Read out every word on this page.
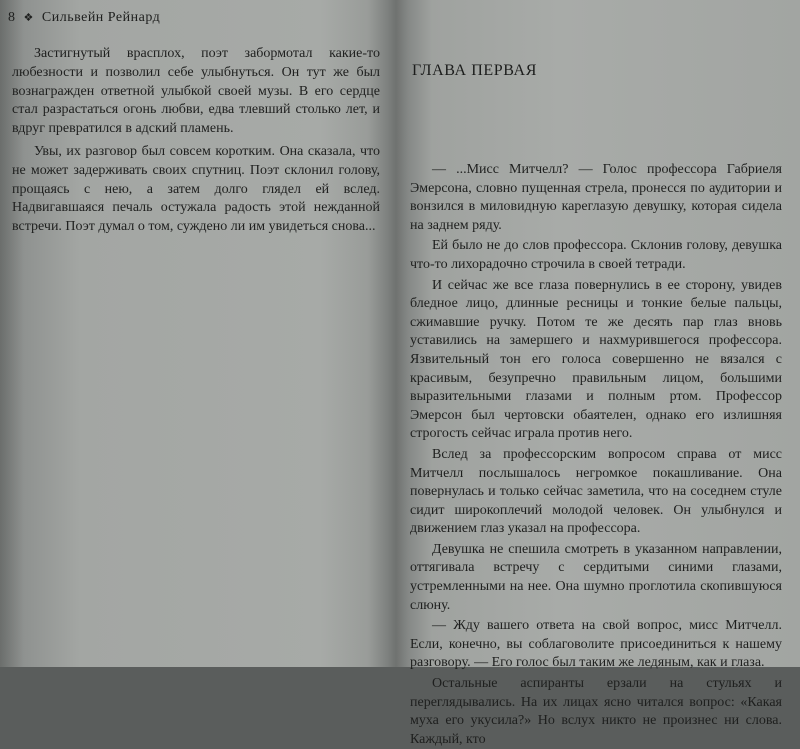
8 ❖ Сильвейн Рейнард

Застигнутый врасплох, поэт забормотал какие-то любезности и позволил себе улыбнуться. Он тут же был вознагражден ответной улыбкой своей музы. В его сердце стал разрастаться огонь любви, едва тлевший столько лет, и вдруг превратился в адский пламень.

Увы, их разговор был совсем коротким. Она сказала, что не может задерживать своих спутниц. Поэт склонил голову, прощаясь с нею, а затем долго глядел ей вслед. Надвигавшаяся печаль остужала радость этой нежданной встречи. Поэт думал о том, суждено ли им увидеться снова...

ГЛАВА ПЕРВАЯ

— ...Мисс Митчелл? — Голос профессора Габриеля Эмерсона, словно пущенная стрела, пронесся по аудитории и вонзился в миловидную кареглазую девушку, которая сидела на заднем ряду.

Ей было не до слов профессора. Склонив голову, девушка что-то лихорадочно строчила в своей тетради.

И сейчас же все глаза повернулись в ее сторону, увидев бледное лицо, длинные ресницы и тонкие белые пальцы, сжимавшие ручку. Потом те же десять пар глаз вновь уставились на замершего и нахмурившегося профессора. Язвительный тон его голоса совершенно не вязался с красивым, безупречно правильным лицом, большими выразительными глазами и полным ртом. Профессор Эмерсон был чертовски обаятелен, однако его излишняя строгость сейчас играла против него.

Вслед за профессорским вопросом справа от мисс Митчелл послышалось негромкое покашливание. Она повернулась и только сейчас заметила, что на соседнем стуле сидит широкоплечий молодой человек. Он улыбнулся и движением глаз указал на профессора.

Девушка не спешила смотреть в указанном направлении, оттягивала встречу с сердитыми синими глазами, устремленными на нее. Она шумно проглотила скопившуюся слюну.

— Жду вашего ответа на свой вопрос, мисс Митчелл. Если, конечно, вы соблаговолите присоединиться к нашему разговору. — Его голос был таким же ледяным, как и глаза.

Остальные аспиранты ерзали на стульях и переглядывались. На их лицах ясно читался вопрос: «Какая муха его укусила?» Но вслух никто не произнес ни слова. Каждый, кто
